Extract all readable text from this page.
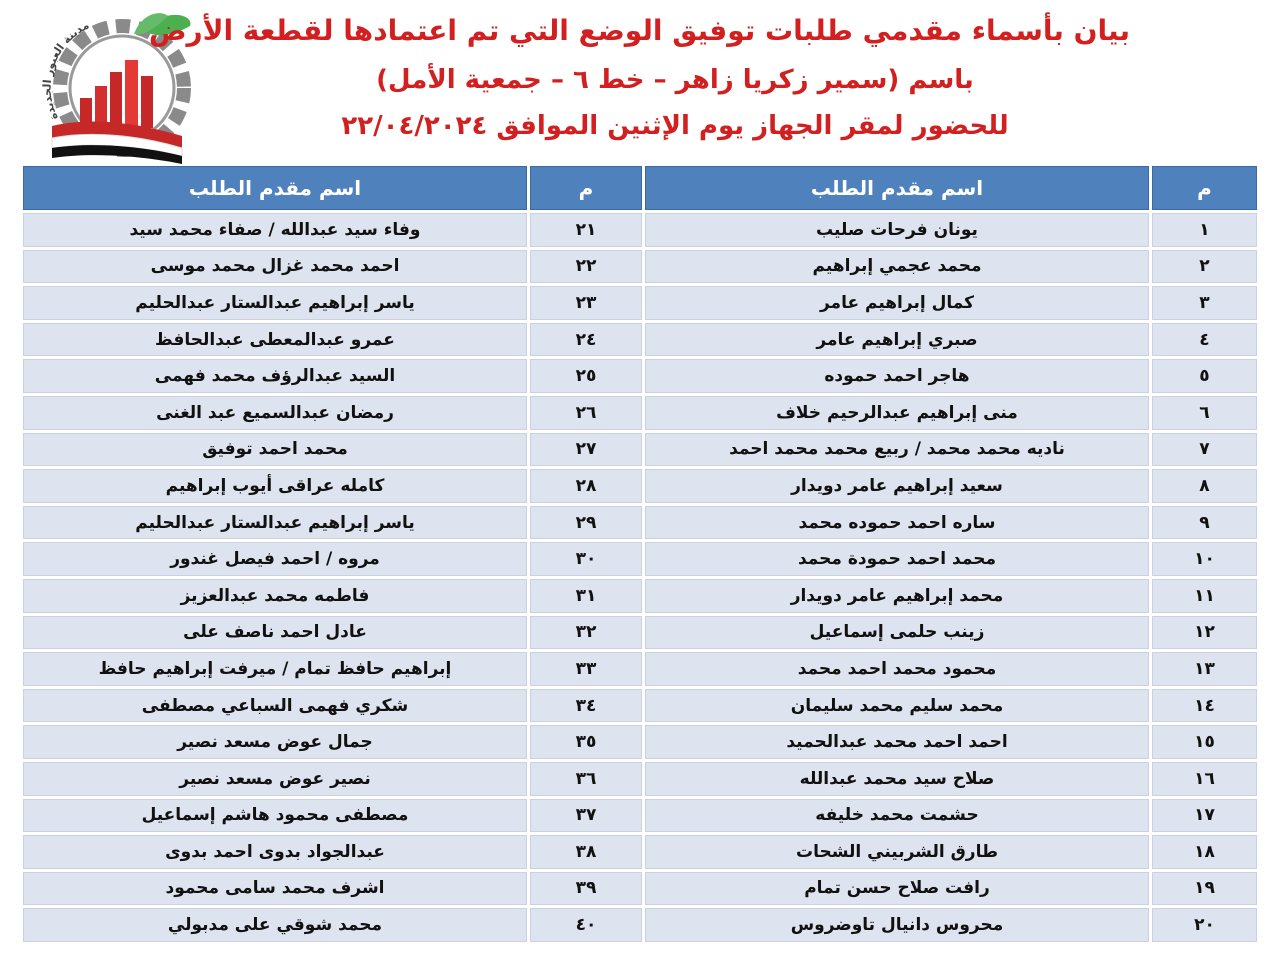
مدينة العبور الجديدة بيان بأسماء مقدمي طلبات توفيق الوضع التي تم اعتمادها لقطعة الأرض
باسم (سمير زكريا زاهر – خط ٦ – جمعية الأمل)
للحضور لمقر الجهاز يوم الإثنين الموافق ٢٢/٠٤/٢٠٢٤
م	اسم مقدم الطلب	م	اسم مقدم الطلب
١	يونان فرحات صليب	٢١	وفاء سيد عبدالله / صفاء محمد سيد
٢	محمد عجمي إبراهيم	٢٢	احمد محمد غزال محمد موسى
٣	كمال إبراهيم عامر	٢٣	ياسر إبراهيم عبدالستار عبدالحليم
٤	صبري إبراهيم عامر	٢٤	عمرو عبدالمعطى عبدالحافظ
٥	هاجر احمد حموده	٢٥	السيد عبدالرؤف محمد فهمى
٦	منى إبراهيم عبدالرحيم خلاف	٢٦	رمضان عبدالسميع عبد الغنى
٧	ناديه محمد محمد / ربيع محمد محمد احمد	٢٧	محمد احمد توفيق
٨	سعيد إبراهيم عامر دويدار	٢٨	كامله عراقى أيوب إبراهيم
٩	ساره احمد حموده محمد	٢٩	ياسر إبراهيم عبدالستار عبدالحليم
١٠	محمد احمد حمودة محمد	٣٠	مروه / احمد فيصل غندور
١١	محمد إبراهيم عامر دويدار	٣١	فاطمه محمد عبدالعزيز
١٢	زينب حلمى إسماعيل	٣٢	عادل احمد ناصف على
١٣	محمود محمد احمد محمد	٣٣	إبراهيم حافظ تمام / ميرفت إبراهيم حافظ
١٤	محمد سليم محمد سليمان	٣٤	شكري فهمى السباعي مصطفى
١٥	احمد احمد محمد عبدالحميد	٣٥	جمال عوض مسعد نصير
١٦	صلاح سيد محمد عبدالله	٣٦	نصير عوض مسعد نصير
١٧	حشمت محمد خليفه	٣٧	مصطفى محمود هاشم إسماعيل
١٨	طارق الشربيني الشحات	٣٨	عبدالجواد بدوى احمد بدوى
١٩	رافت صلاح حسن تمام	٣٩	اشرف محمد سامى محمود
٢٠	محروس دانيال تاوضروس	٤٠	محمد شوقي على مدبولي
